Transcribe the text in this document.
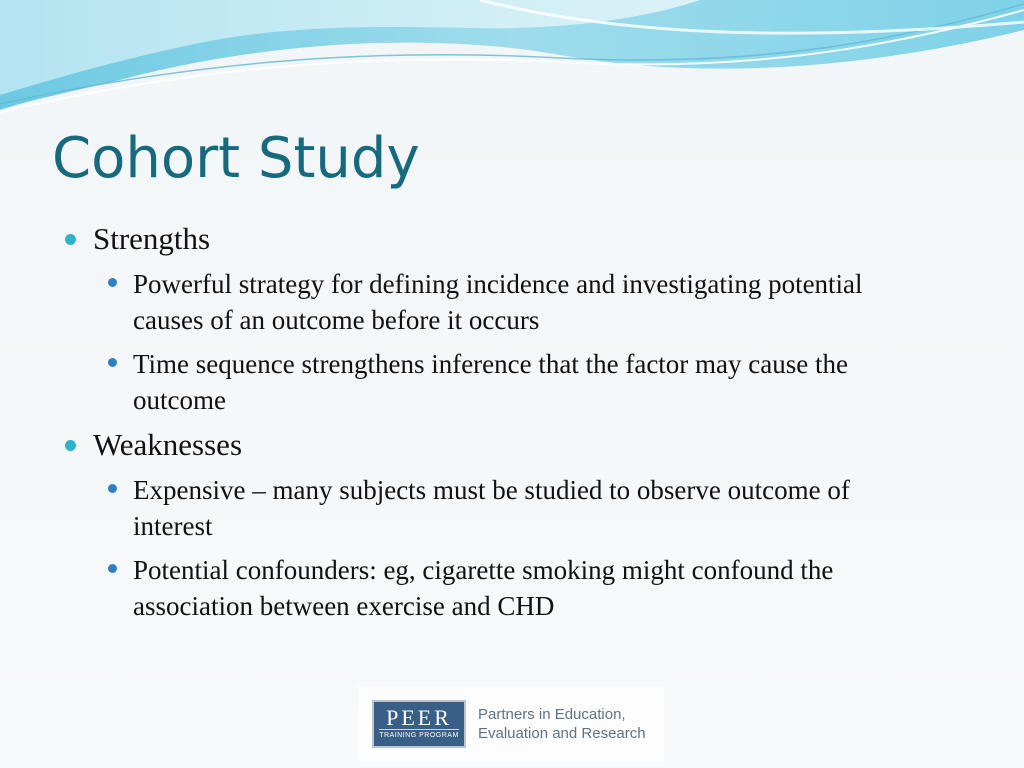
Cohort Study
Strengths
Powerful strategy for defining incidence and investigating potential causes of an outcome before it occurs
Time sequence strengthens inference that the factor may cause the outcome
Weaknesses
Expensive – many subjects must be studied to observe outcome of interest
Potential confounders: eg, cigarette smoking might confound the association between exercise and CHD
PEER
TRAINING PROGRAM
Partners in Education,
Evaluation and Research
